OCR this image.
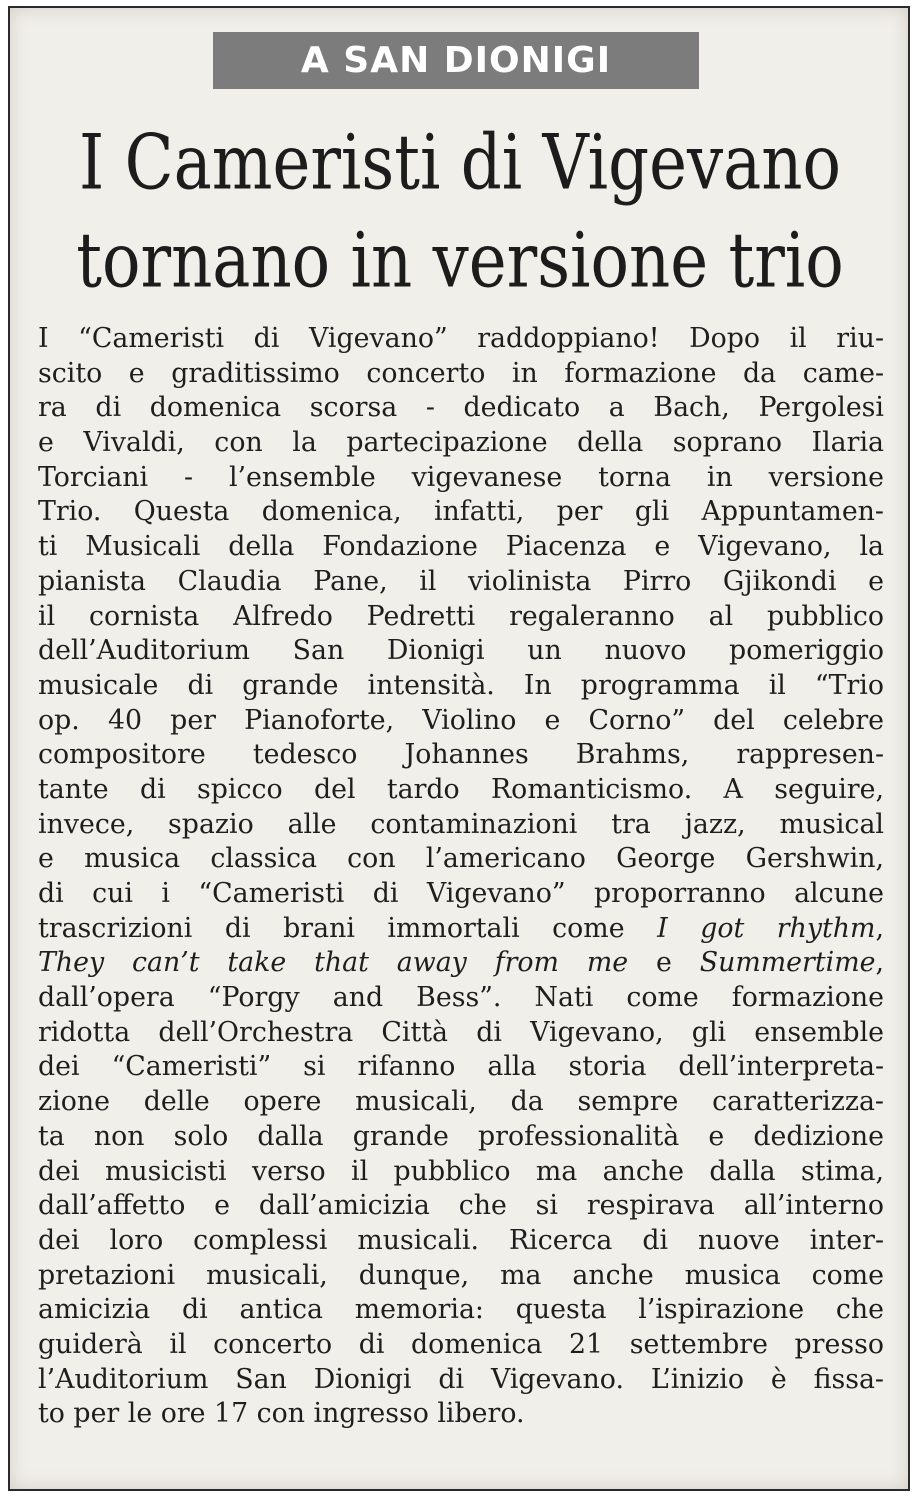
A SAN DIONIGI
I Cameristi di Vigevano
tornano in versione trio
I “Cameristi di Vigevano” raddoppiano! Dopo il riu-
scito e graditissimo concerto in formazione da came-
ra di domenica scorsa - dedicato a Bach, Pergolesi
e Vivaldi, con la partecipazione della soprano Ilaria
Torciani - l’ensemble vigevanese torna in versione
Trio. Questa domenica, infatti, per gli Appuntamen-
ti Musicali della Fondazione Piacenza e Vigevano, la
pianista Claudia Pane, il violinista Pirro Gjikondi e
il cornista Alfredo Pedretti regaleranno al pubblico
dell’Auditorium San Dionigi un nuovo pomeriggio
musicale di grande intensità. In programma il “Trio
op. 40 per Pianoforte, Violino e Corno” del celebre
compositore tedesco Johannes Brahms, rappresen-
tante di spicco del tardo Romanticismo. A seguire,
invece, spazio alle contaminazioni tra jazz, musical
e musica classica con l’americano George Gershwin,
di cui i “Cameristi di Vigevano” proporranno alcune
trascrizioni di brani immortali come I got rhythm,
They can’t take that away from me e Summertime,
dall’opera “Porgy and Bess”. Nati come formazione
ridotta dell’Orchestra Città di Vigevano, gli ensemble
dei “Cameristi” si rifanno alla storia dell’interpreta-
zione delle opere musicali, da sempre caratterizza-
ta non solo dalla grande professionalità e dedizione
dei musicisti verso il pubblico ma anche dalla stima,
dall’affetto e dall’amicizia che si respirava all’interno
dei loro complessi musicali. Ricerca di nuove inter-
pretazioni musicali, dunque, ma anche musica come
amicizia di antica memoria: questa l’ispirazione che
guiderà il concerto di domenica 21 settembre presso
l’Auditorium San Dionigi di Vigevano. L’inizio è fissa-
to per le ore 17 con ingresso libero.
